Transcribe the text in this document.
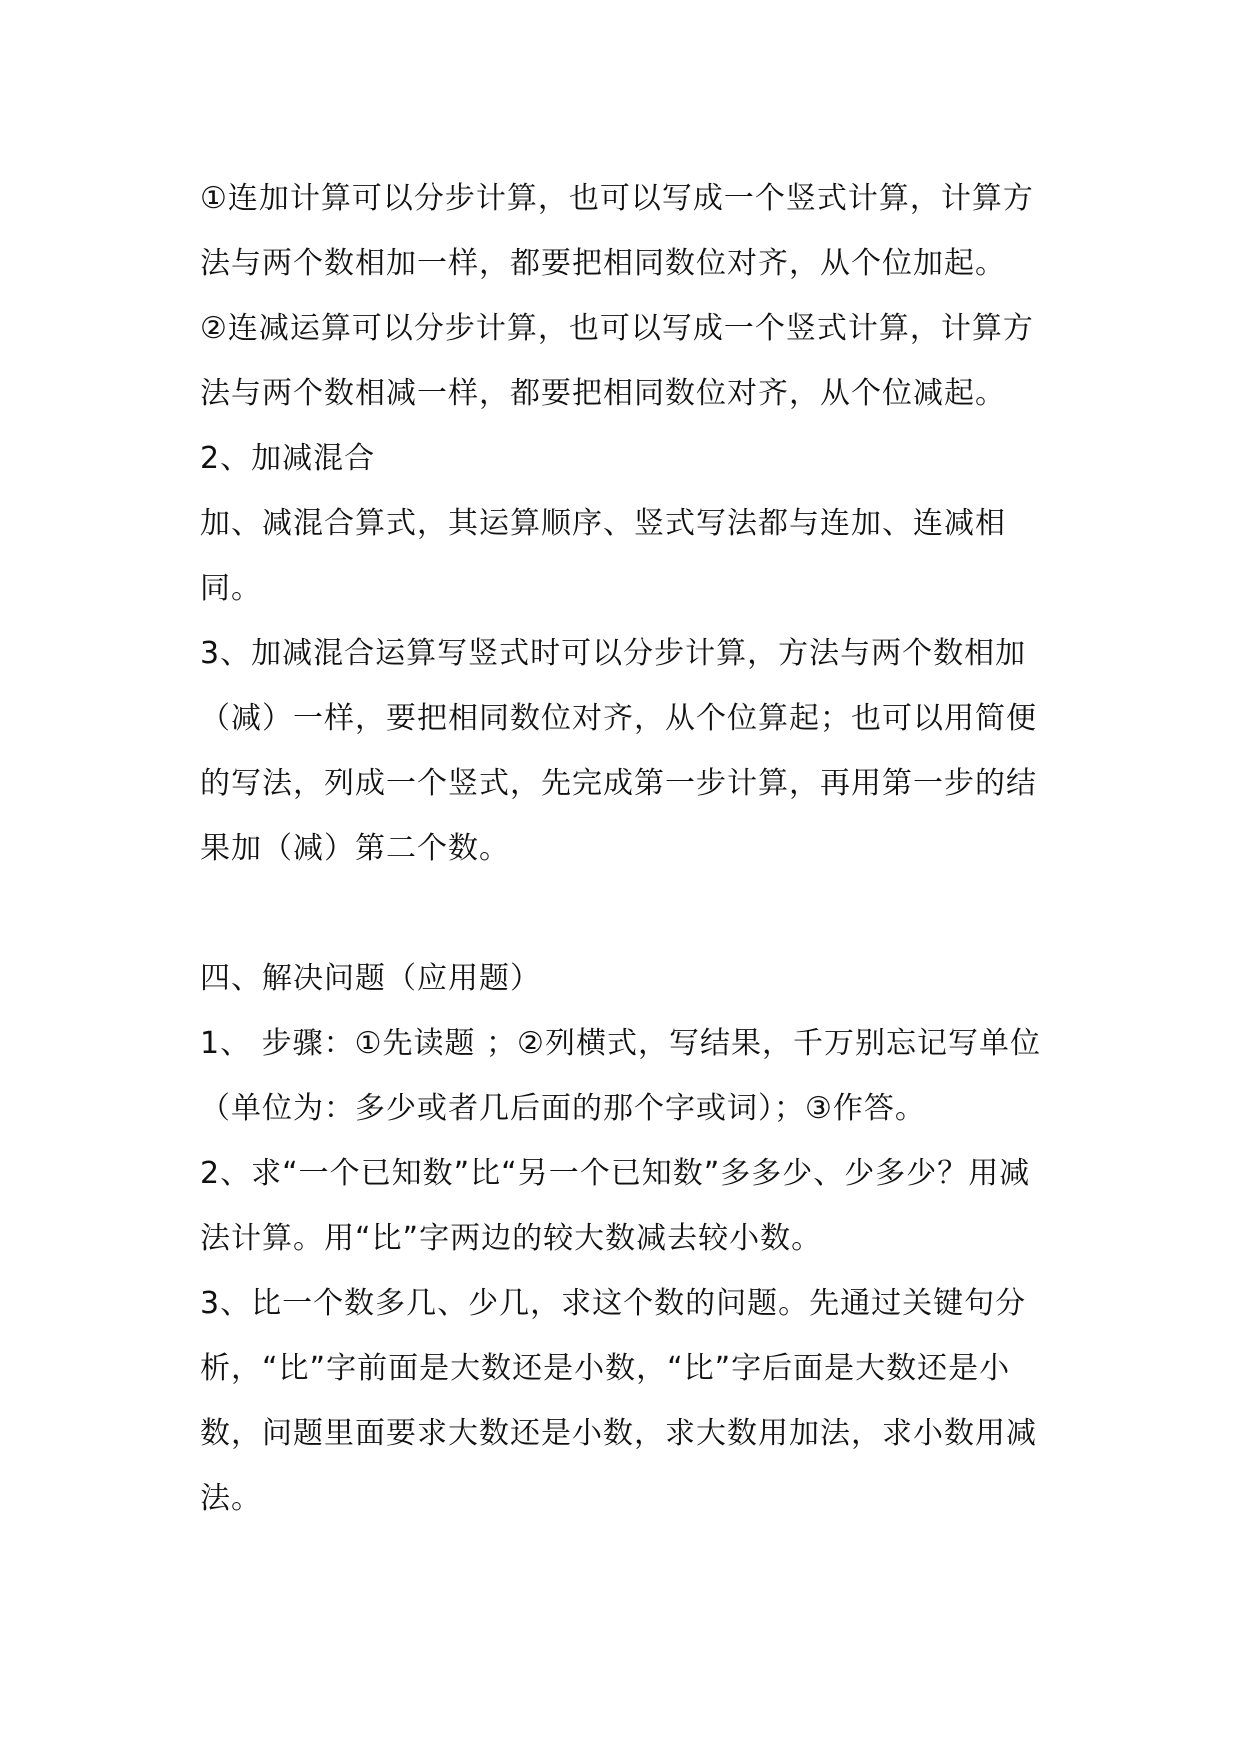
①连加计算可以分步计算，也可以写成一个竖式计算，计算方法与两个数相加一样，都要把相同数位对齐，从个位加起。

②连减运算可以分步计算，也可以写成一个竖式计算，计算方法与两个数相减一样，都要把相同数位对齐，从个位减起。

2、加减混合

加、减混合算式，其运算顺序、竖式写法都与连加、连减相同。

3、加减混合运算写竖式时可以分步计算，方法与两个数相加（减）一样，要把相同数位对齐，从个位算起；也可以用简便的写法，列成一个竖式，先完成第一步计算，再用第一步的结果加（减）第二个数。

四、解决问题（应用题）

1、 步骤：①先读题 ；②列横式，写结果，千万别忘记写单位（单位为：多少或者几后面的那个字或词）；③作答。

2、求“一个已知数”比“另一个已知数”多多少、少多少？用减法计算。用“比”字两边的较大数减去较小数。

3、比一个数多几、少几，求这个数的问题。先通过关键句分析，“比”字前面是大数还是小数，“比”字后面是大数还是小数，问题里面要求大数还是小数，求大数用加法，求小数用减法。
